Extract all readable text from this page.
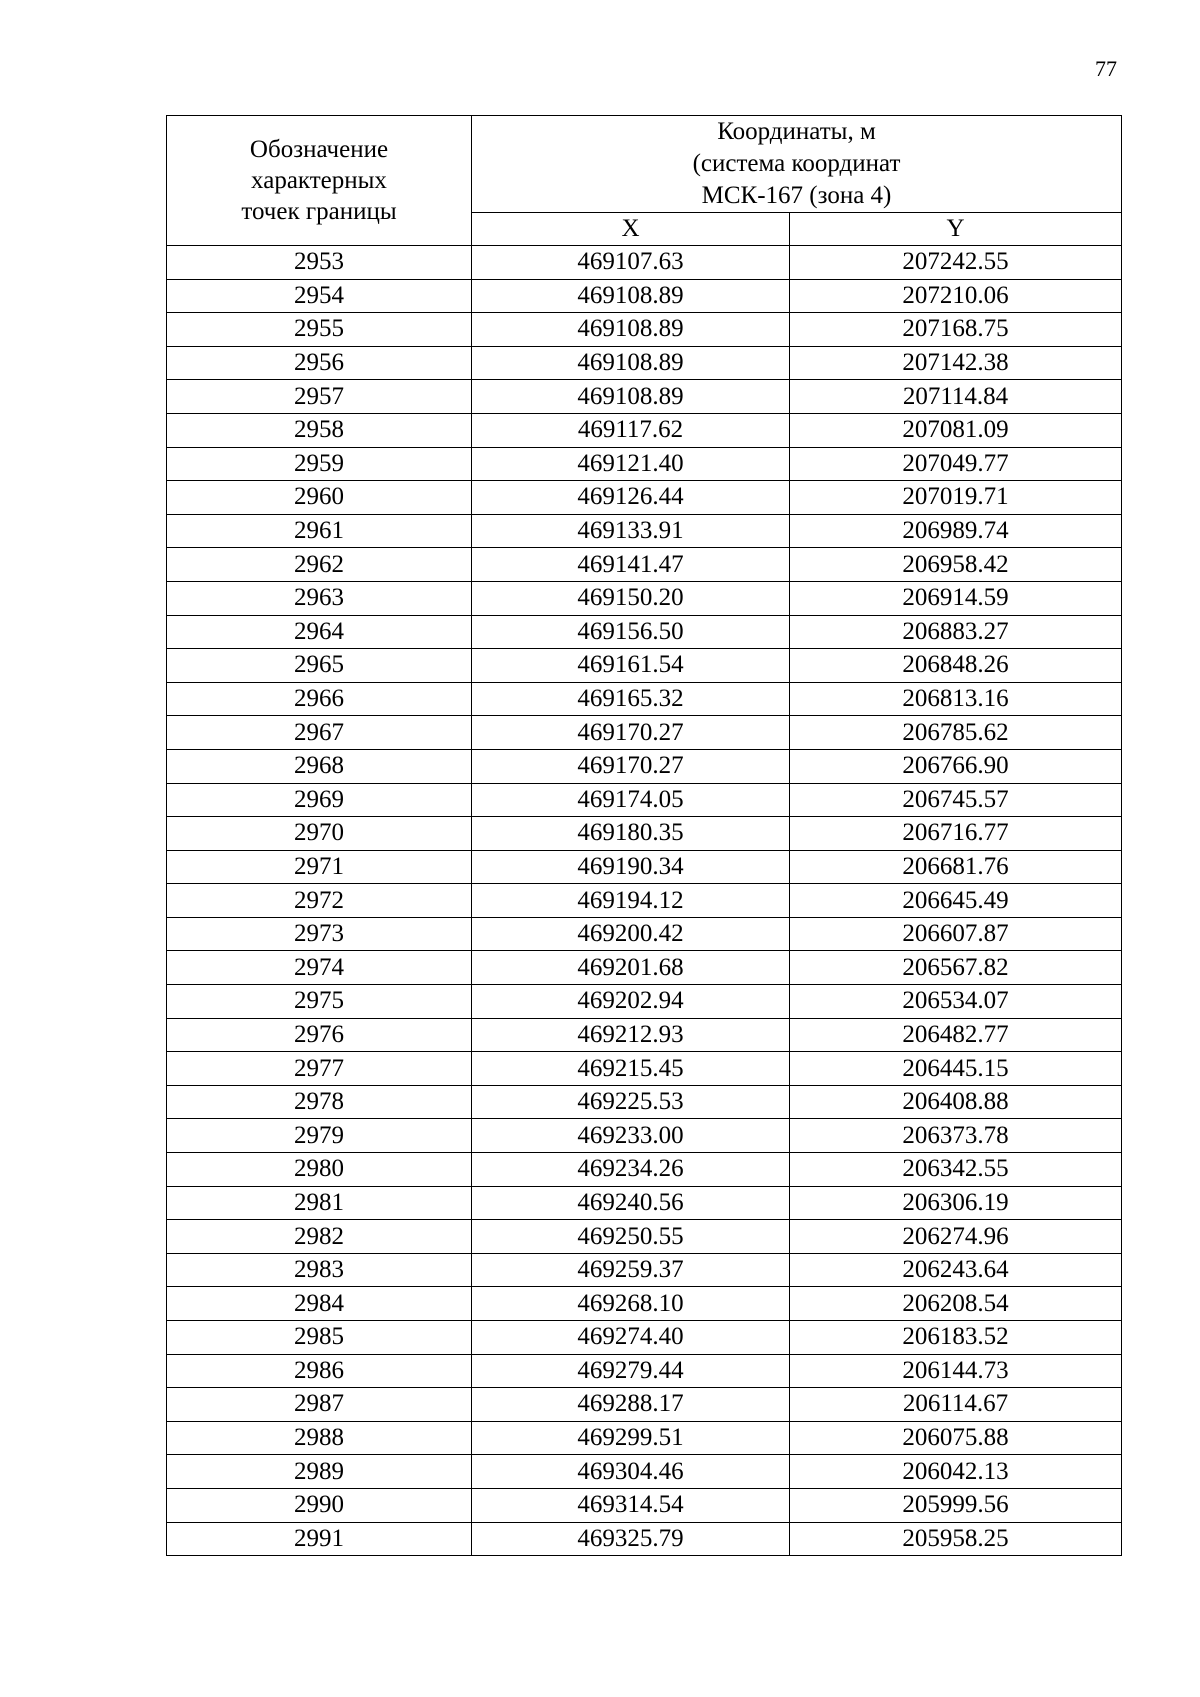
77
Обозначение
характерных
точек границы	Координаты, м
(система координат
МСК-167 (зона 4)	

	X	Y
2953	469107.63	207242.55
2954	469108.89	207210.06
2955	469108.89	207168.75
2956	469108.89	207142.38
2957	469108.89	207114.84
2958	469117.62	207081.09
2959	469121.40	207049.77
2960	469126.44	207019.71
2961	469133.91	206989.74
2962	469141.47	206958.42
2963	469150.20	206914.59
2964	469156.50	206883.27
2965	469161.54	206848.26
2966	469165.32	206813.16
2967	469170.27	206785.62
2968	469170.27	206766.90
2969	469174.05	206745.57
2970	469180.35	206716.77
2971	469190.34	206681.76
2972	469194.12	206645.49
2973	469200.42	206607.87
2974	469201.68	206567.82
2975	469202.94	206534.07
2976	469212.93	206482.77
2977	469215.45	206445.15
2978	469225.53	206408.88
2979	469233.00	206373.78
2980	469234.26	206342.55
2981	469240.56	206306.19
2982	469250.55	206274.96
2983	469259.37	206243.64
2984	469268.10	206208.54
2985	469274.40	206183.52
2986	469279.44	206144.73
2987	469288.17	206114.67
2988	469299.51	206075.88
2989	469304.46	206042.13
2990	469314.54	205999.56
2991	469325.79	205958.25
